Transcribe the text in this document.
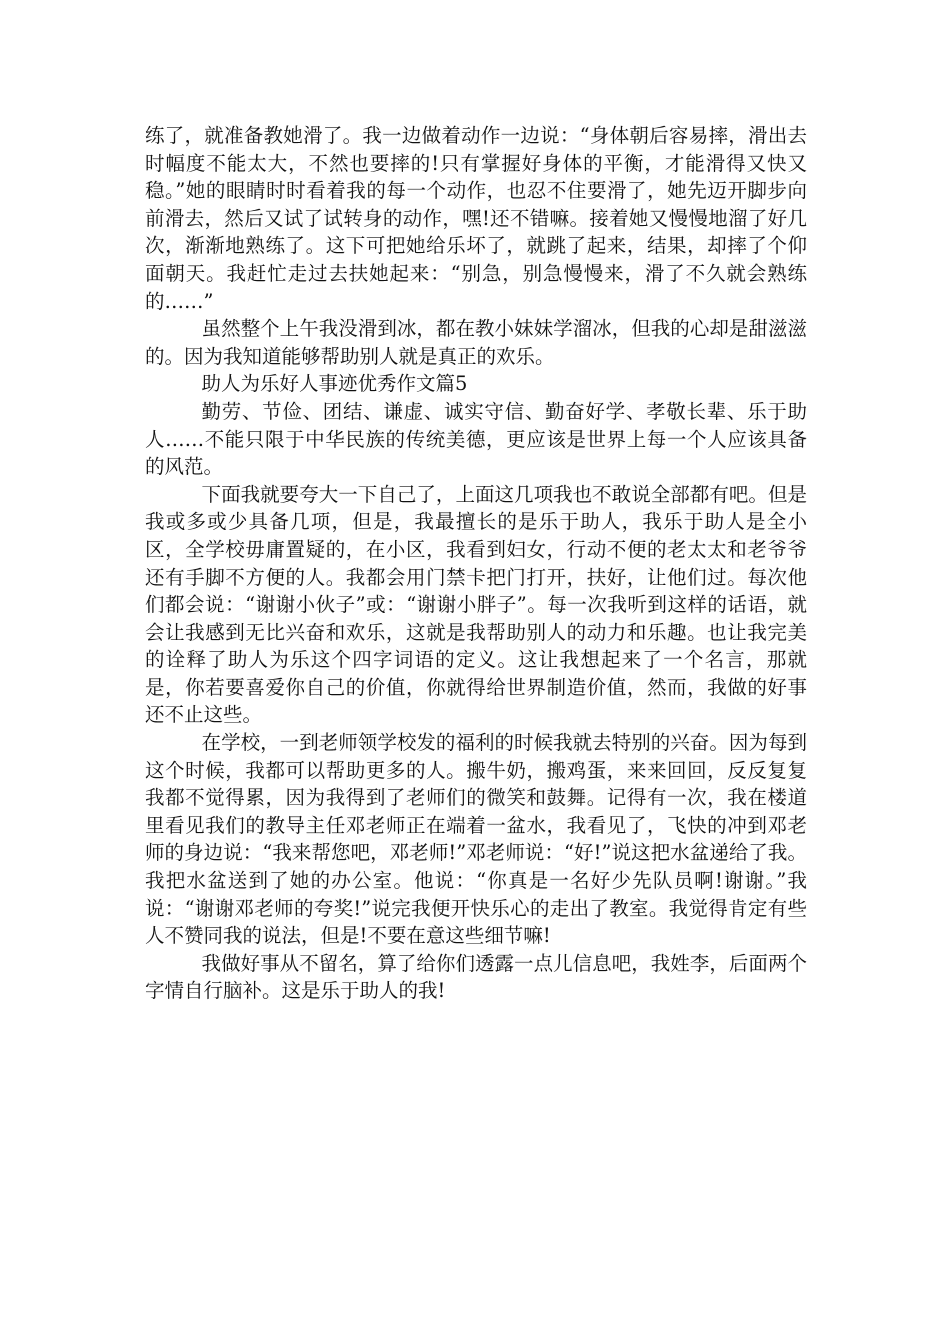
练了，就准备教她滑了。我一边做着动作一边说：“身体朝后容易摔，滑出去时幅度不能太大，不然也要摔的!只有掌握好身体的平衡，才能滑得又快又稳。”她的眼睛时时看着我的每一个动作，也忍不住要滑了，她先迈开脚步向前滑去，然后又试了试转身的动作，嘿!还不错嘛。接着她又慢慢地溜了好几次，渐渐地熟练了。这下可把她给乐坏了，就跳了起来，结果，却摔了个仰面朝天。我赶忙走过去扶她起来：“别急，别急慢慢来，滑了不久就会熟练的……”

虽然整个上午我没滑到冰，都在教小妹妹学溜冰，但我的心却是甜滋滋的。因为我知道能够帮助别人就是真正的欢乐。

助人为乐好人事迹优秀作文篇5

勤劳、节俭、团结、谦虚、诚实守信、勤奋好学、孝敬长辈、乐于助人……不能只限于中华民族的传统美德，更应该是世界上每一个人应该具备的风范。

下面我就要夸大一下自己了，上面这几项我也不敢说全部都有吧。但是我或多或少具备几项，但是，我最擅长的是乐于助人，我乐于助人是全小区，全学校毋庸置疑的，在小区，我看到妇女，行动不便的老太太和老爷爷还有手脚不方便的人。我都会用门禁卡把门打开，扶好，让他们过。每次他们都会说：“谢谢小伙子”或：“谢谢小胖子”。每一次我听到这样的话语，就会让我感到无比兴奋和欢乐，这就是我帮助别人的动力和乐趣。也让我完美的诠释了助人为乐这个四字词语的定义。这让我想起来了一个名言，那就是，你若要喜爱你自己的价值，你就得给世界制造价值，然而，我做的好事还不止这些。

在学校，一到老师领学校发的福利的时候我就去特别的兴奋。因为每到这个时候，我都可以帮助更多的人。搬牛奶，搬鸡蛋，来来回回，反反复复我都不觉得累，因为我得到了老师们的微笑和鼓舞。记得有一次，我在楼道里看见我们的教导主任邓老师正在端着一盆水，我看见了，飞快的冲到邓老师的身边说：“我来帮您吧，邓老师!”邓老师说：“好!”说这把水盆递给了我。我把水盆送到了她的办公室。他说：“你真是一名好少先队员啊!谢谢。”我说：“谢谢邓老师的夸奖!”说完我便开快乐心的走出了教室。我觉得肯定有些人不赞同我的说法，但是!不要在意这些细节嘛!

我做好事从不留名，算了给你们透露一点儿信息吧，我姓李，后面两个字情自行脑补。这是乐于助人的我!
